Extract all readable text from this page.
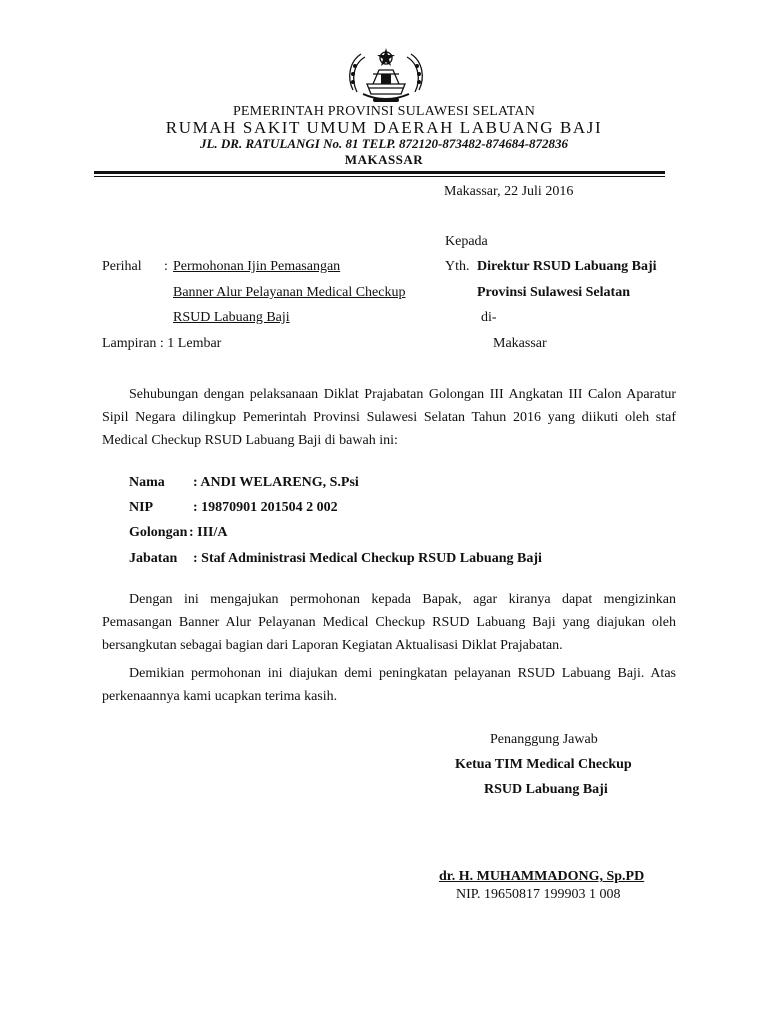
PEMERINTAH PROVINSI SULAWESI SELATAN
RUMAH SAKIT UMUM DAERAH LABUANG BAJI
JL. DR. RATULANGI No. 81 TELP. 872120-873482-874684-872836
MAKASSAR
Makassar, 22 Juli 2016
Kepada
Yth. Direktur RSUD Labuang Baji
Provinsi Sulawesi Selatan
di-
Makassar
Perihal : Permohonan Ijin Pemasangan
Banner Alur Pelayanan Medical Checkup
RSUD Labuang Baji
Lampiran : 1 Lembar
Sehubungan dengan pelaksanaan Diklat Prajabatan Golongan III Angkatan III Calon Aparatur Sipil Negara dilingkup Pemerintah Provinsi Sulawesi Selatan Tahun 2016 yang diikuti oleh staf Medical Checkup RSUD Labuang Baji di bawah ini:
Nama : ANDI WELARENG, S.Psi
NIP	: 19870901 201504 2 002
Golongan : III/A
Jabatan : Staf Administrasi Medical Checkup RSUD Labuang Baji
Dengan ini mengajukan permohonan kepada Bapak, agar kiranya dapat mengizinkan Pemasangan Banner Alur Pelayanan Medical Checkup RSUD Labuang Baji yang diajukan oleh bersangkutan sebagai bagian dari Laporan Kegiatan Aktualisasi Diklat Prajabatan.
Demikian permohonan ini diajukan demi peningkatan pelayanan RSUD Labuang Baji. Atas perkenaannya kami ucapkan terima kasih.
Penanggung Jawab
Ketua TIM Medical Checkup
RSUD Labuang Baji
dr. H. MUHAMMADONG, Sp.PD
NIP. 19650817 199903 1 008
